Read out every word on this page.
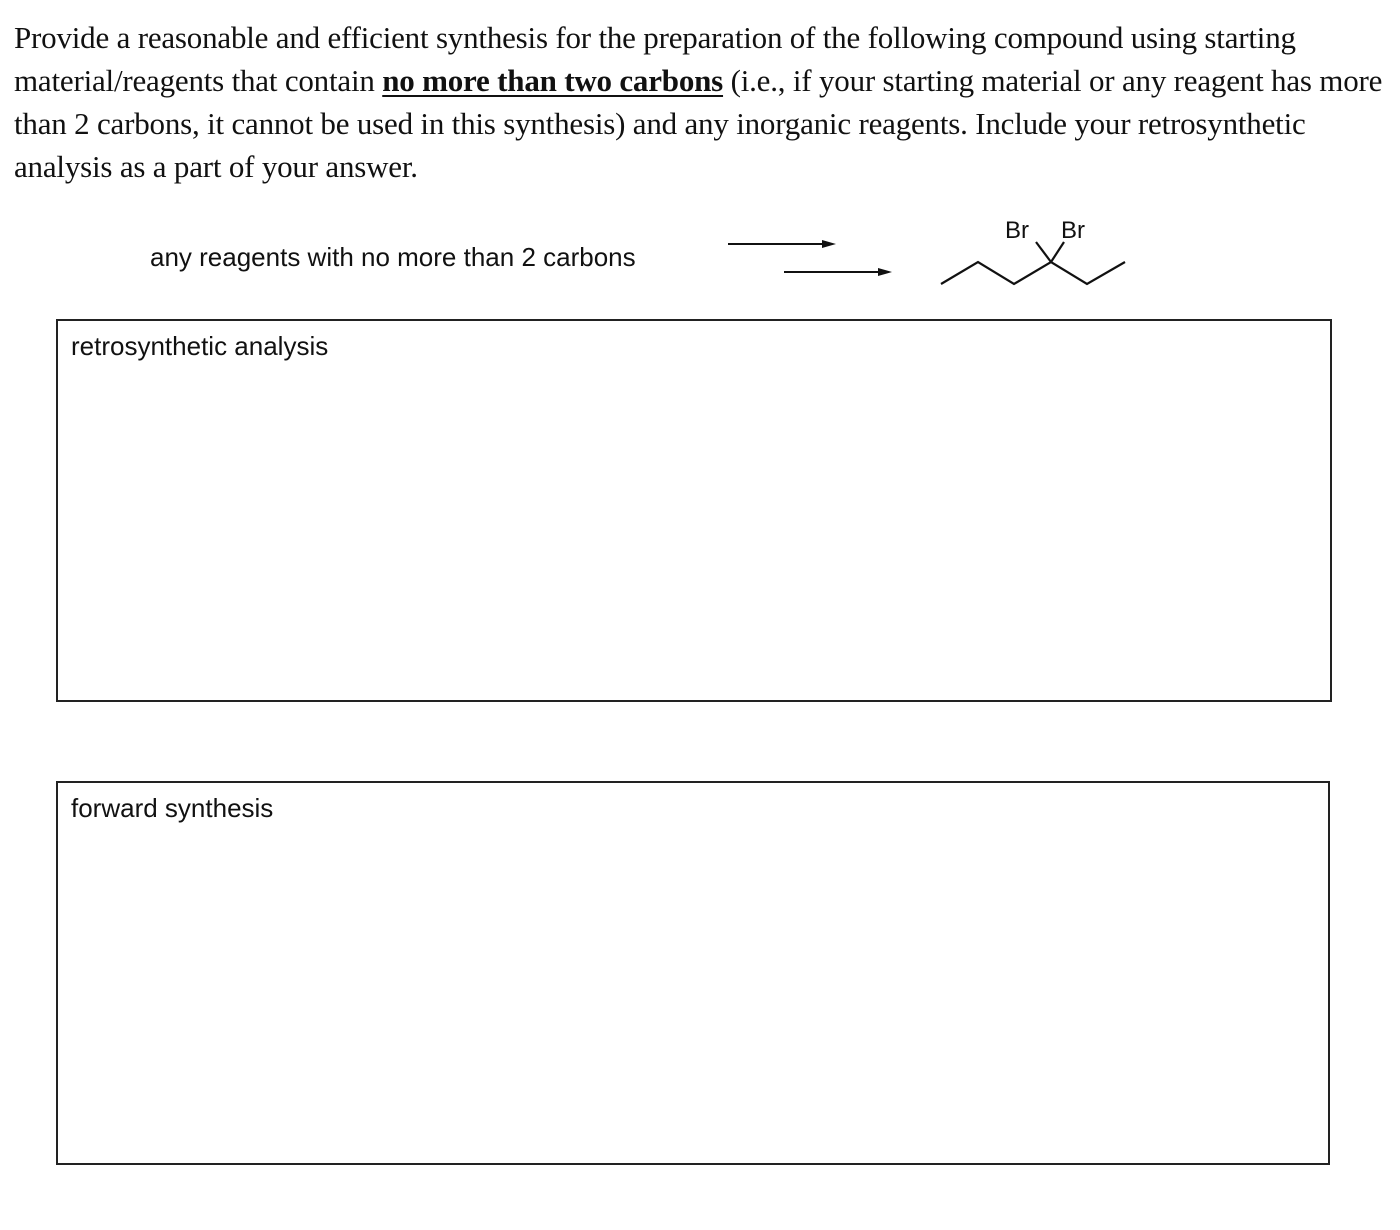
Provide a reasonable and efficient synthesis for the preparation of the following compound using starting material/reagents that contain no more than two carbons (i.e., if your starting material or any reagent has more than 2 carbons, it cannot be used in this synthesis) and any inorganic reagents. Include your retrosynthetic analysis as a part of your answer.

any reagents with no more than 2 carbons

Br Br

retrosynthetic analysis

forward synthesis
